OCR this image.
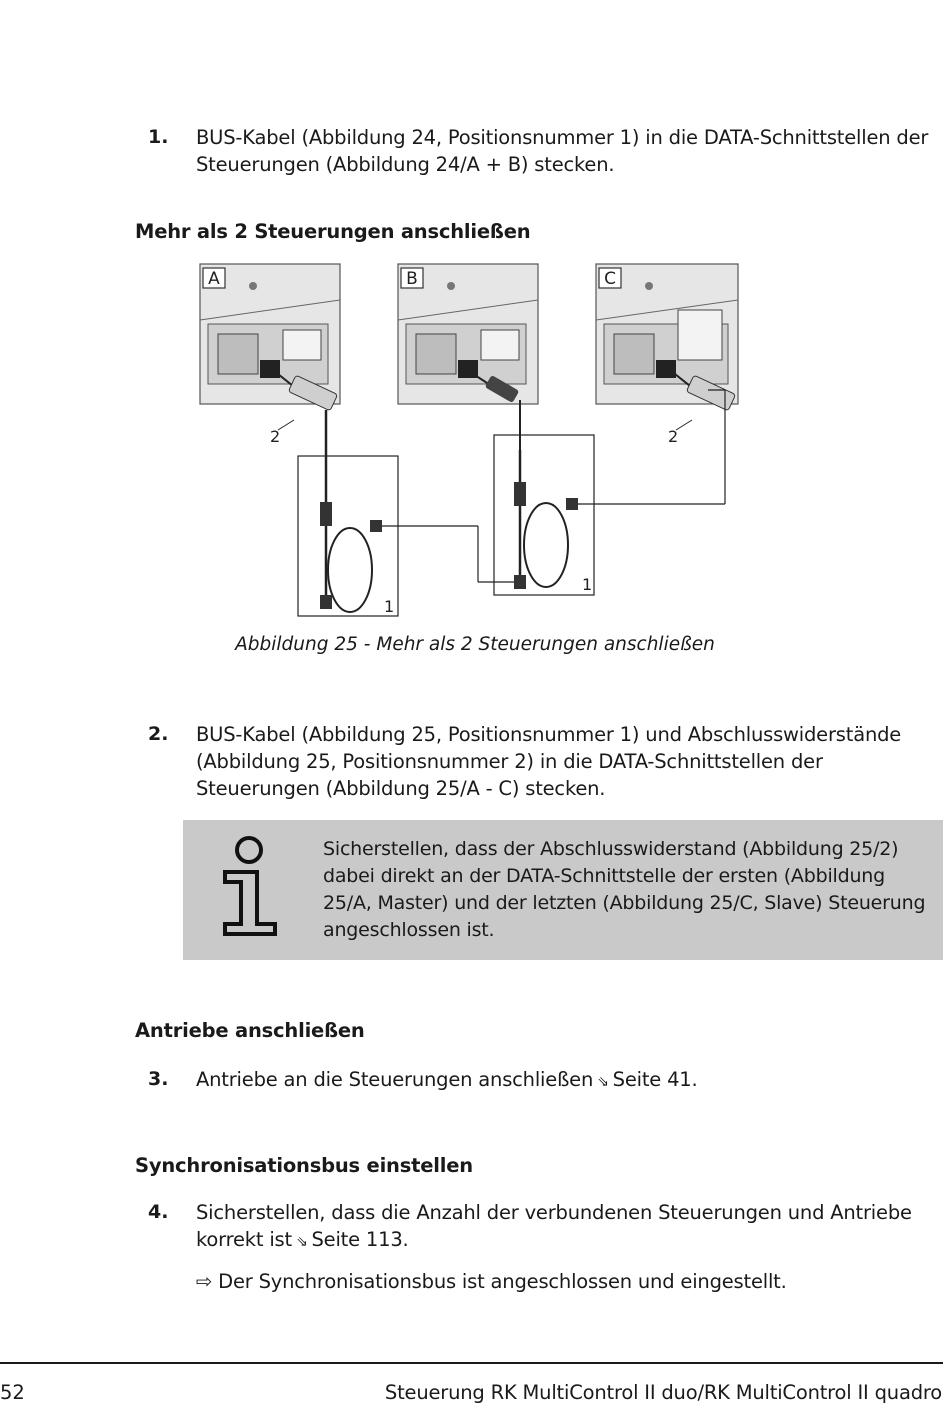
1. BUS-Kabel (Abbildung 24, Positionsnummer 1) in die DATA-Schnittstellen der Steuerungen (Abbildung 24/A + B) stecken.
Mehr als 2 Steuerungen anschließen
A	B	C
2	2
1
1
Abbildung 25 - Mehr als 2 Steuerungen anschließen
2. BUS-Kabel (Abbildung 25, Positionsnummer 1) und Abschlusswiderstände (Abbildung 25, Positionsnummer 2) in die DATA-Schnittstellen der Steuerungen (Abbildung 25/A - C) stecken.
Sicherstellen, dass der Abschlusswiderstand (Abbildung 25/2) dabei direkt an der DATA-Schnittstelle der ersten (Abbildung 25/A, Master) und der letzten (Abbildung 25/C, Slave) Steuerung angeschlossen ist.
Antriebe anschließen
3. Antriebe an die Steuerungen anschließen ⇘ Seite 41.
Synchronisationsbus einstellen
4. Sicherstellen, dass die Anzahl der verbundenen Steuerungen und Antriebe korrekt ist ⇘ Seite 113.
⇨ Der Synchronisationsbus ist angeschlossen und eingestellt.
52	Steuerung RK MultiControl II duo/RK MultiControl II quadro
